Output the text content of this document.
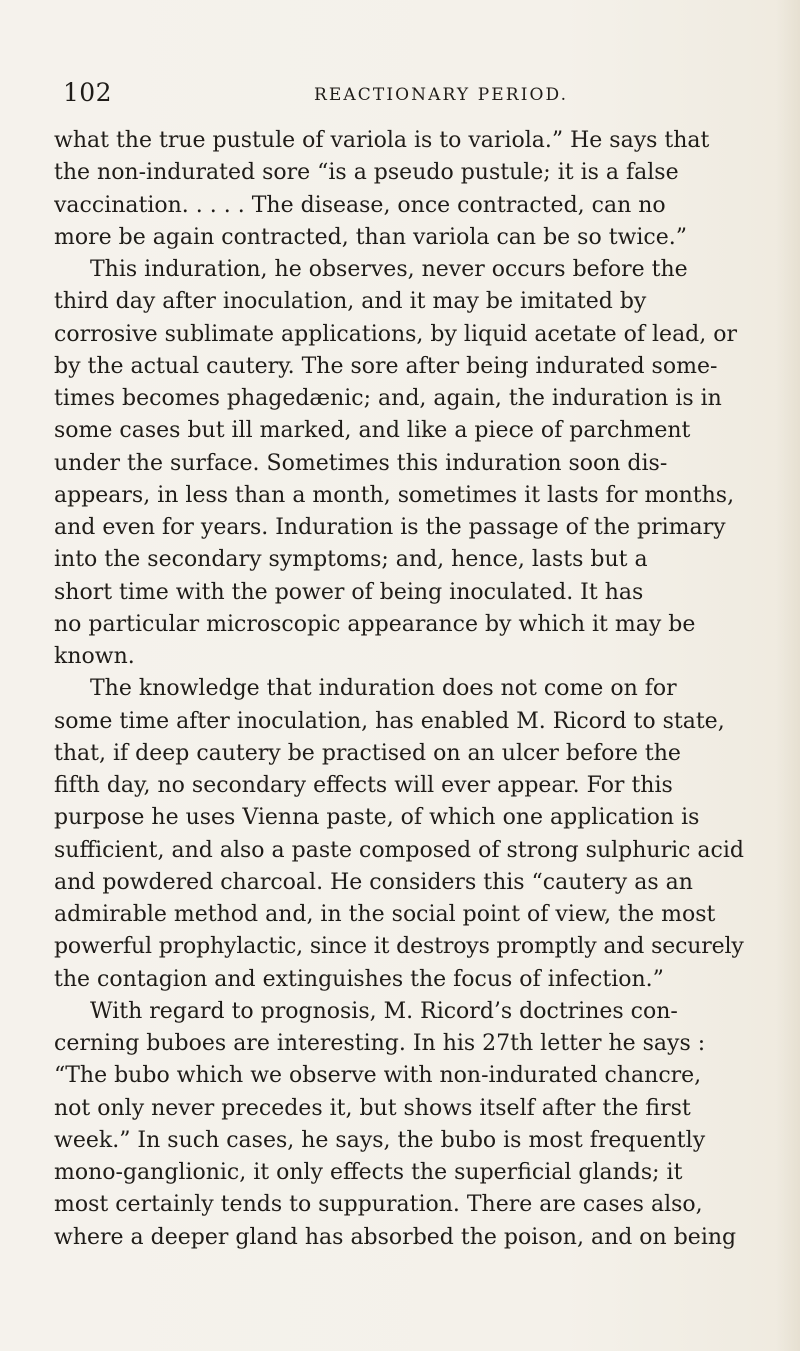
102	REACTIONARY PERIOD.
what the true pustule of variola is to variola.” He says that
the non-indurated sore “is a pseudo pustule; it is a false
vaccination. . . . . The disease, once contracted, can no
more be again contracted, than variola can be so twice.”
This induration, he observes, never occurs before the
third day after inoculation, and it may be imitated by
corrosive sublimate applications, by liquid acetate of lead, or
by the actual cautery. The sore after being indurated some-
times becomes phagedænic; and, again, the induration is in
some cases but ill marked, and like a piece of parchment
under the surface. Sometimes this induration soon dis-
appears, in less than a month, sometimes it lasts for months,
and even for years. Induration is the passage of the primary
into the secondary symptoms; and, hence, lasts but a
short time with the power of being inoculated. It has
no particular microscopic appearance by which it may be
known.
The knowledge that induration does not come on for
some time after inoculation, has enabled M. Ricord to state,
that, if deep cautery be practised on an ulcer before the
fifth day, no secondary effects will ever appear. For this
purpose he uses Vienna paste, of which one application is
sufficient, and also a paste composed of strong sulphuric acid
and powdered charcoal. He considers this “cautery as an
admirable method and, in the social point of view, the most
powerful prophylactic, since it destroys promptly and securely
the contagion and extinguishes the focus of infection.”
With regard to prognosis, M. Ricord’s doctrines con-
cerning buboes are interesting. In his 27th letter he says :
“The bubo which we observe with non-indurated chancre,
not only never precedes it, but shows itself after the first
week.” In such cases, he says, the bubo is most frequently
mono-ganglionic, it only effects the superficial glands; it
most certainly tends to suppuration. There are cases also,
where a deeper gland has absorbed the poison, and on being
